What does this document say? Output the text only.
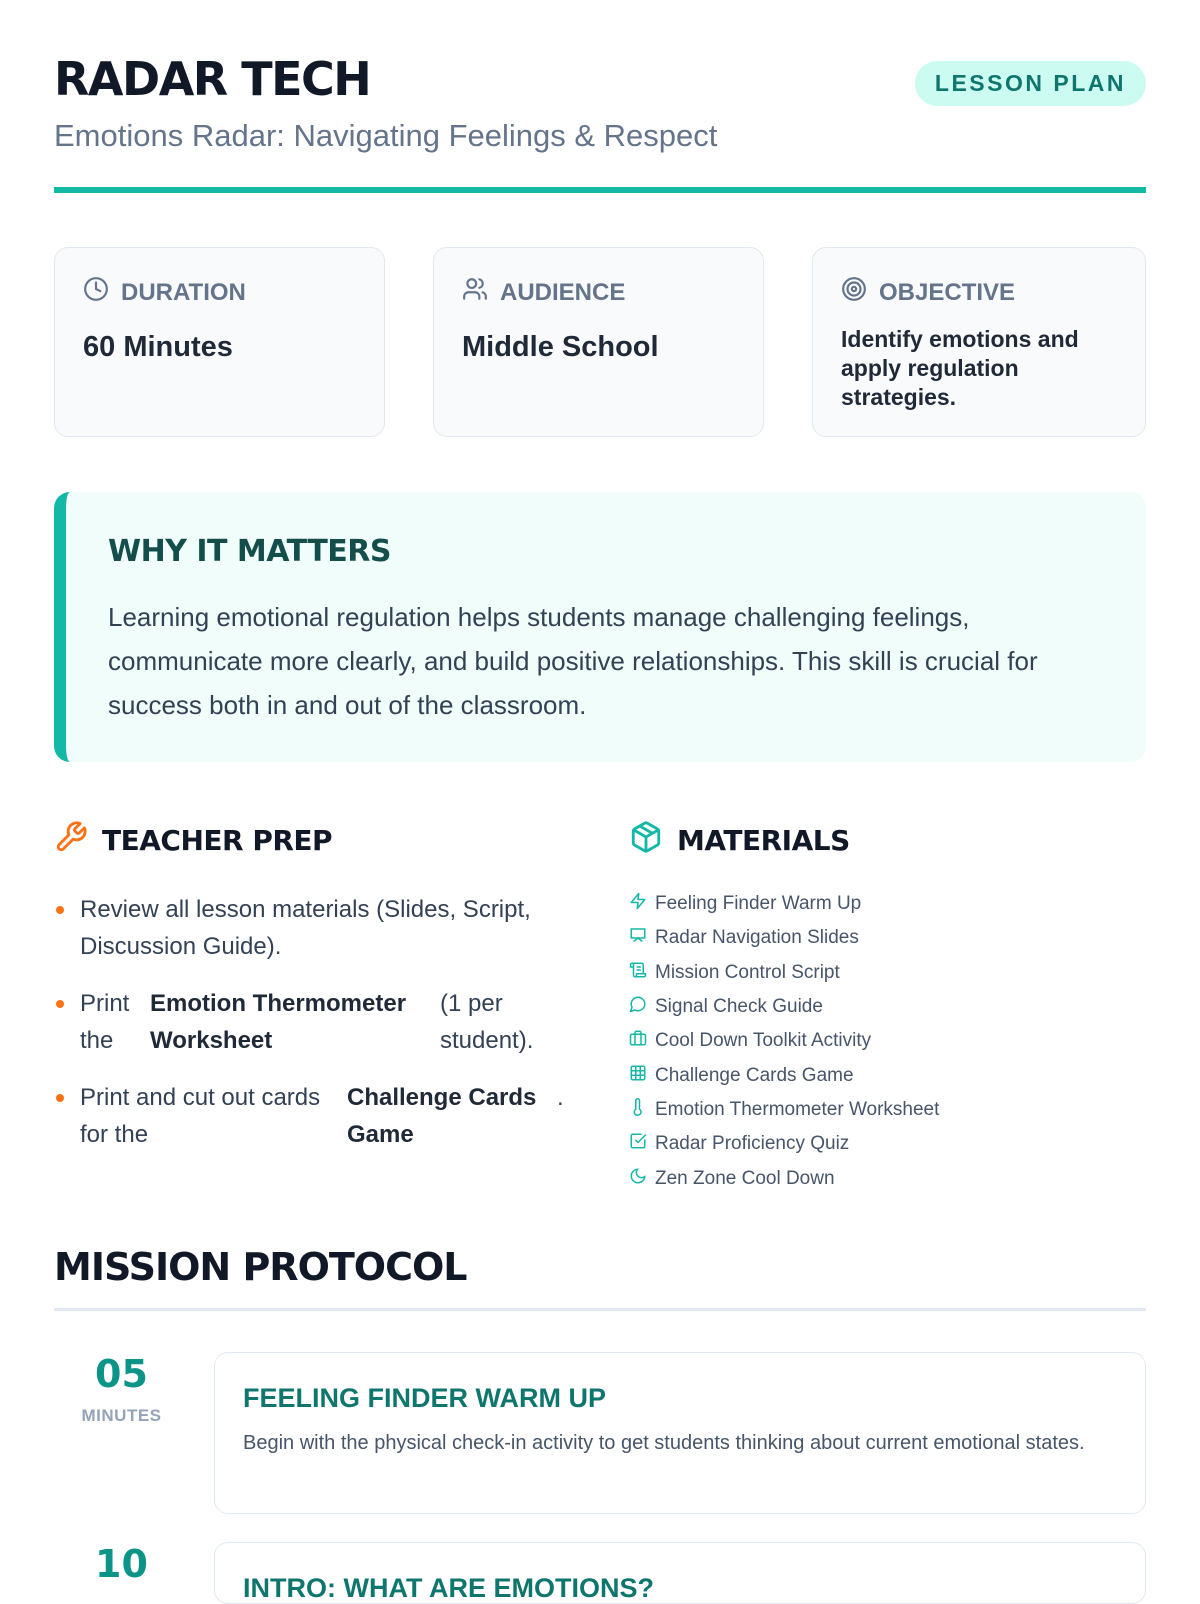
RADAR TECH
Emotions Radar: Navigating Feelings & Respect
LESSON PLAN
DURATION
60 Minutes
AUDIENCE
Middle School
OBJECTIVE
Identify emotions and apply regulation strategies.
WHY IT MATTERS
Learning emotional regulation helps students manage challenging feelings, communicate more clearly, and build positive relationships. This skill is crucial for success both in and out of the classroom.
TEACHER PREP
Review all lesson materials (Slides, Script, Discussion Guide).
Print the
Emotion Thermometer Worksheet
(1 per student).
Print and cut out cards for the
Challenge Cards Game
.
MATERIALS
Feeling Finder Warm Up
Radar Navigation Slides
Mission Control Script
Signal Check Guide
Cool Down Toolkit Activity
Challenge Cards Game
Emotion Thermometer Worksheet
Radar Proficiency Quiz
Zen Zone Cool Down
MISSION PROTOCOL
05
MINUTES
FEELING FINDER WARM UP
Begin with the physical check-in activity to get students thinking about current emotional states.
10
INTRO: WHAT ARE EMOTIONS?
